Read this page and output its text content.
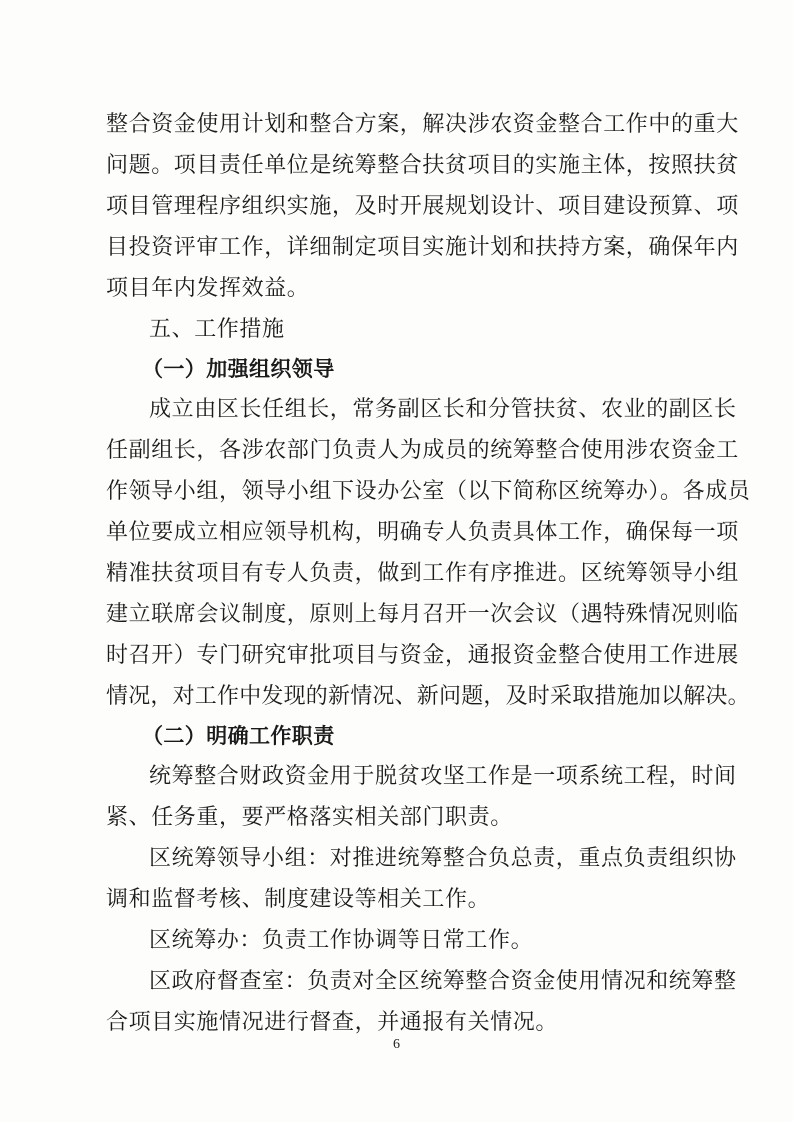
整合资金使用计划和整合方案，解决涉农资金整合工作中的重大
问题。项目责任单位是统筹整合扶贫项目的实施主体，按照扶贫
项目管理程序组织实施，及时开展规划设计、项目建设预算、项
目投资评审工作，详细制定项目实施计划和扶持方案，确保年内
项目年内发挥效益。
五、工作措施
（一）加强组织领导
成立由区长任组长，常务副区长和分管扶贫、农业的副区长
任副组长，各涉农部门负责人为成员的统筹整合使用涉农资金工
作领导小组，领导小组下设办公室（以下简称区统筹办）。各成员
单位要成立相应领导机构，明确专人负责具体工作，确保每一项
精准扶贫项目有专人负责，做到工作有序推进。区统筹领导小组
建立联席会议制度，原则上每月召开一次会议（遇特殊情况则临
时召开）专门研究审批项目与资金，通报资金整合使用工作进展
情况，对工作中发现的新情况、新问题，及时采取措施加以解决。
（二）明确工作职责
统筹整合财政资金用于脱贫攻坚工作是一项系统工程，时间
紧、任务重，要严格落实相关部门职责。
区统筹领导小组：对推进统筹整合负总责，重点负责组织协
调和监督考核、制度建设等相关工作。
区统筹办：负责工作协调等日常工作。
区政府督查室：负责对全区统筹整合资金使用情况和统筹整
合项目实施情况进行督查，并通报有关情况。
6
